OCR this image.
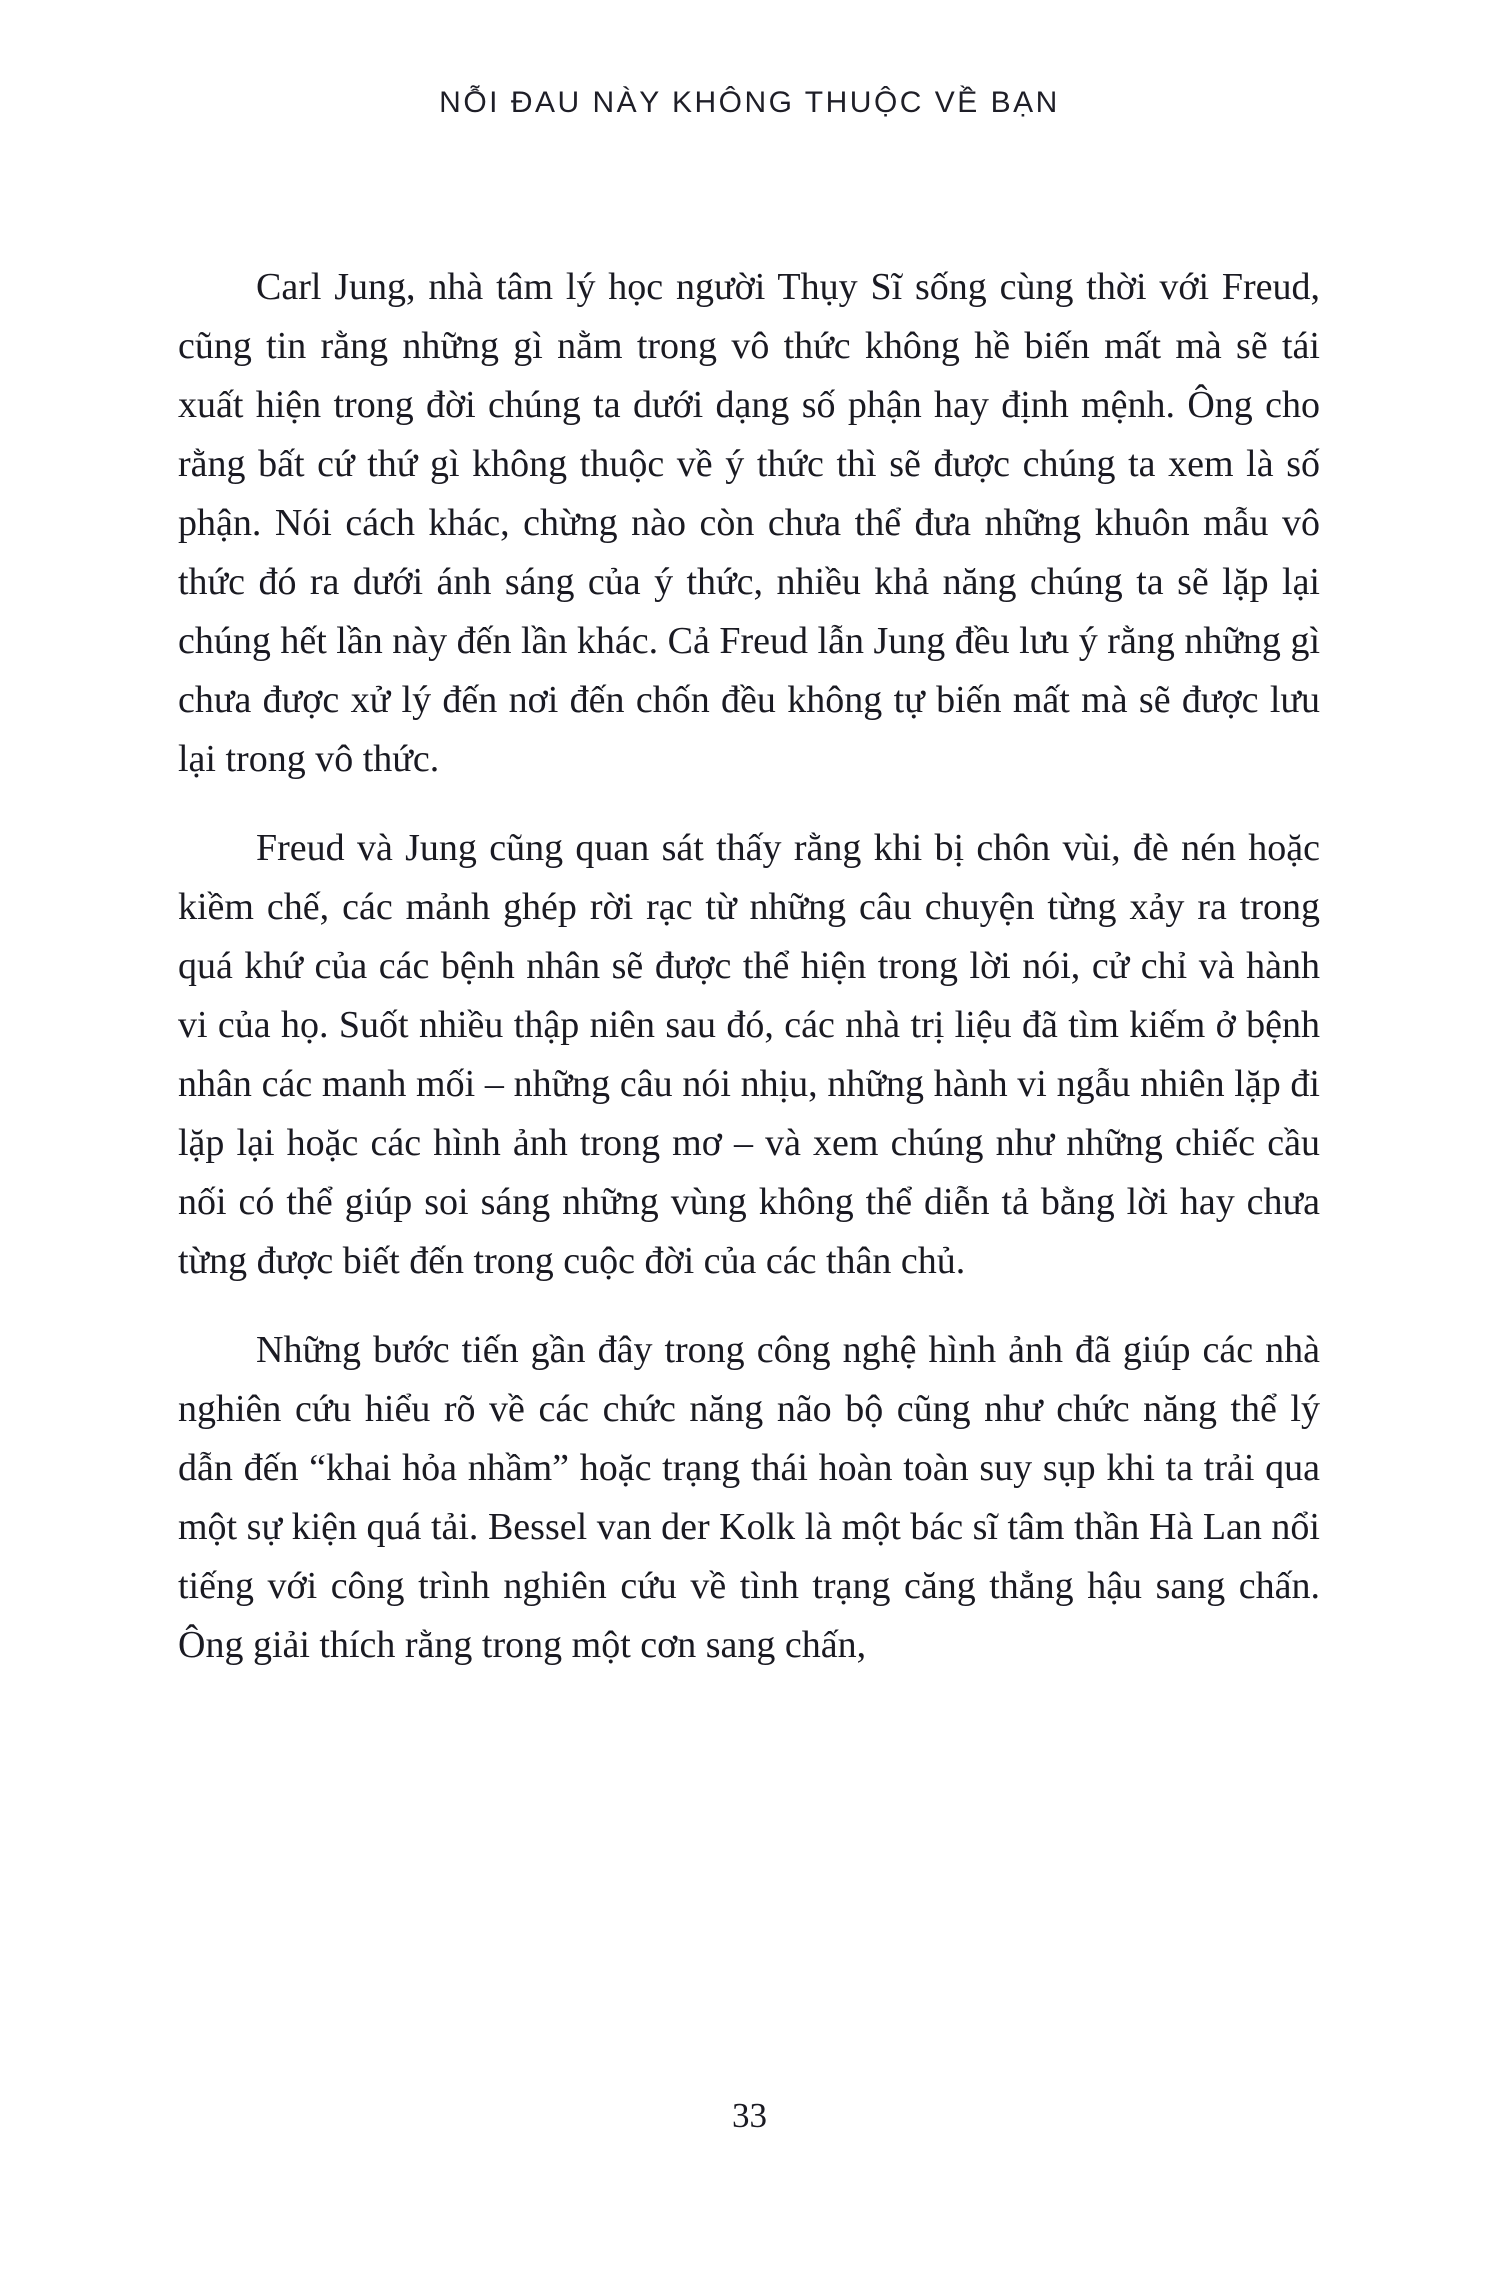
NỖI ĐAU NÀY KHÔNG THUỘC VỀ BẠN

Carl Jung, nhà tâm lý học người Thụy Sĩ sống cùng thời với Freud, cũng tin rằng những gì nằm trong vô thức không hề biến mất mà sẽ tái xuất hiện trong đời chúng ta dưới dạng số phận hay định mệnh. Ông cho rằng bất cứ thứ gì không thuộc về ý thức thì sẽ được chúng ta xem là số phận. Nói cách khác, chừng nào còn chưa thể đưa những khuôn mẫu vô thức đó ra dưới ánh sáng của ý thức, nhiều khả năng chúng ta sẽ lặp lại chúng hết lần này đến lần khác. Cả Freud lẫn Jung đều lưu ý rằng những gì chưa được xử lý đến nơi đến chốn đều không tự biến mất mà sẽ được lưu lại trong vô thức.

Freud và Jung cũng quan sát thấy rằng khi bị chôn vùi, đè nén hoặc kiềm chế, các mảnh ghép rời rạc từ những câu chuyện từng xảy ra trong quá khứ của các bệnh nhân sẽ được thể hiện trong lời nói, cử chỉ và hành vi của họ. Suốt nhiều thập niên sau đó, các nhà trị liệu đã tìm kiếm ở bệnh nhân các manh mối – những câu nói nhịu, những hành vi ngẫu nhiên lặp đi lặp lại hoặc các hình ảnh trong mơ – và xem chúng như những chiếc cầu nối có thể giúp soi sáng những vùng không thể diễn tả bằng lời hay chưa từng được biết đến trong cuộc đời của các thân chủ.

Những bước tiến gần đây trong công nghệ hình ảnh đã giúp các nhà nghiên cứu hiểu rõ về các chức năng não bộ cũng như chức năng thể lý dẫn đến “khai hỏa nhầm” hoặc trạng thái hoàn toàn suy sụp khi ta trải qua một sự kiện quá tải. Bessel van der Kolk là một bác sĩ tâm thần Hà Lan nổi tiếng với công trình nghiên cứu về tình trạng căng thẳng hậu sang chấn. Ông giải thích rằng trong một cơn sang chấn,

33
